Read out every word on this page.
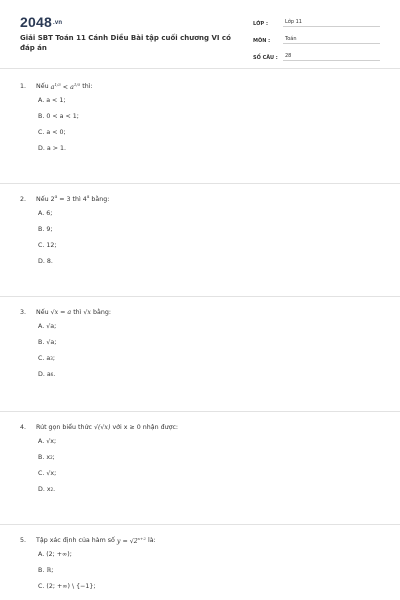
2048.vn
Giải SBT Toán 11 Cánh Diều Bài tập cuối chương VI có đáp án
LỚP :	Lớp 11
MÔN :	Toán
SỐ CÂU :	28
1.	Nếu $a^{1/3} < a^{1/5}$ thì:
A. a < 1;
B. 0 < a < 1;
C. a < 0;
D. a > 1.
2.	Nếu $2^\alpha = 3$ thì $4^\alpha$ bằng:
A. 6;
B. 9;
C. 12;
D. 8.
3.	Nếu √x = a thì √x bằng:
A. √a;
B. √a;
C. a 3 ;
D. a 6 .
4.	Rút gọn biểu thức √(√x) với x ≥ 0 nhận được:
A. √x;
B. x 2 ;
C. √x;
D. x 2 .
5.	Tập xác định của hàm số $y = √2^{x+2}$ là:
A. (2; +∞);
B. ℝ;
C. (2; +∞) \ {−1};
